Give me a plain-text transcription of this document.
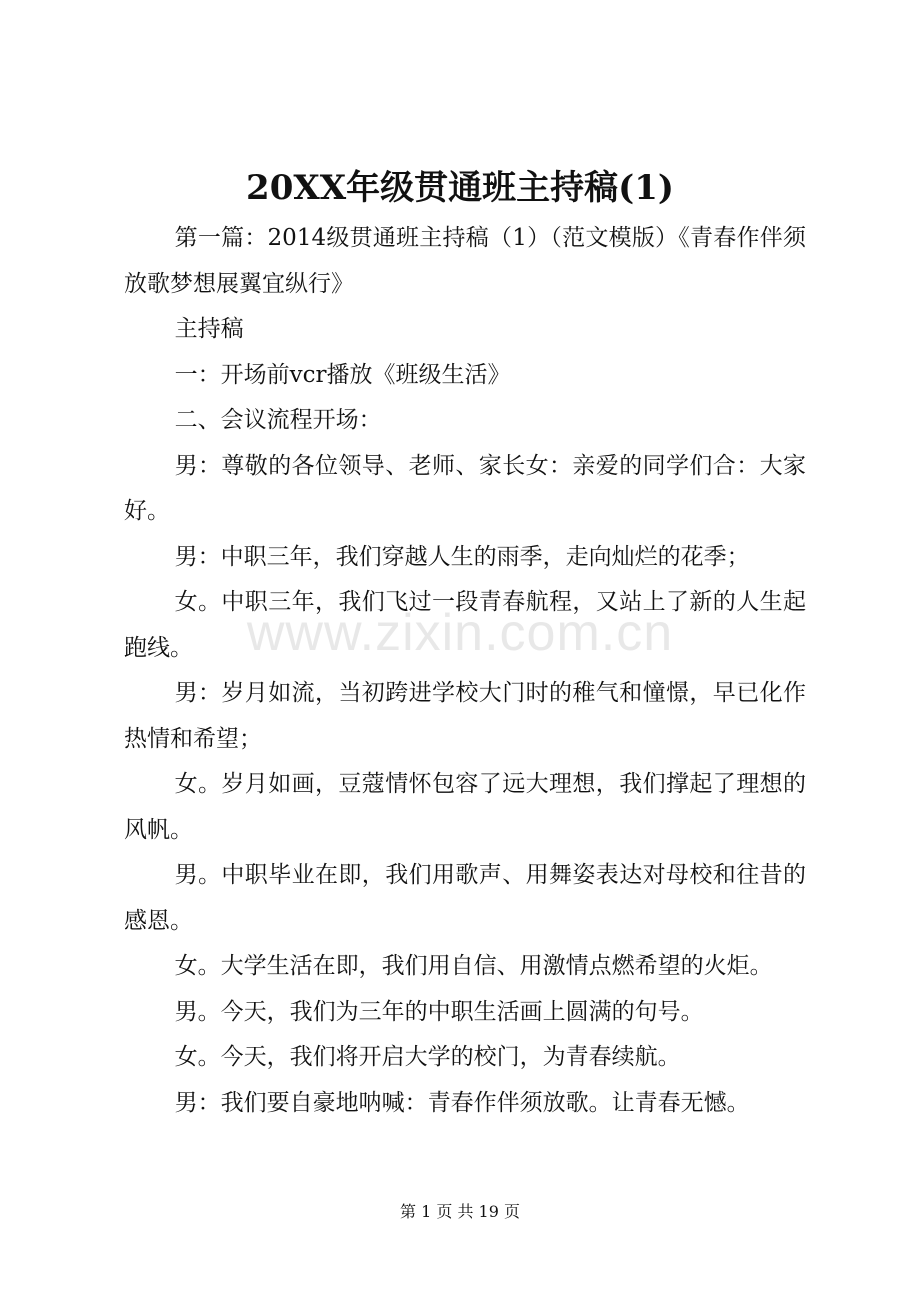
20XX年级贯通班主持稿(1)

第一篇：2014级贯通班主持稿（1）（范文模版）《青春作伴须放歌梦想展翼宜纵行》

主持稿

一：开场前vcr播放《班级生活》

二、会议流程开场：

男：尊敬的各位领导、老师、家长女：亲爱的同学们合：大家好。

男：中职三年，我们穿越人生的雨季，走向灿烂的花季；

女。中职三年，我们飞过一段青春航程，又站上了新的人生起跑线。

男：岁月如流，当初跨进学校大门时的稚气和憧憬，早已化作热情和希望；

女。岁月如画，豆蔻情怀包容了远大理想，我们撑起了理想的风帆。

男。中职毕业在即，我们用歌声、用舞姿表达对母校和往昔的感恩。

女。大学生活在即，我们用自信、用激情点燃希望的火炬。

男。今天，我们为三年的中职生活画上圆满的句号。

女。今天，我们将开启大学的校门，为青春续航。

男：我们要自豪地呐喊：青春作伴须放歌。让青春无憾。

www.zixin.com.cn
第 1 页 共 19 页
